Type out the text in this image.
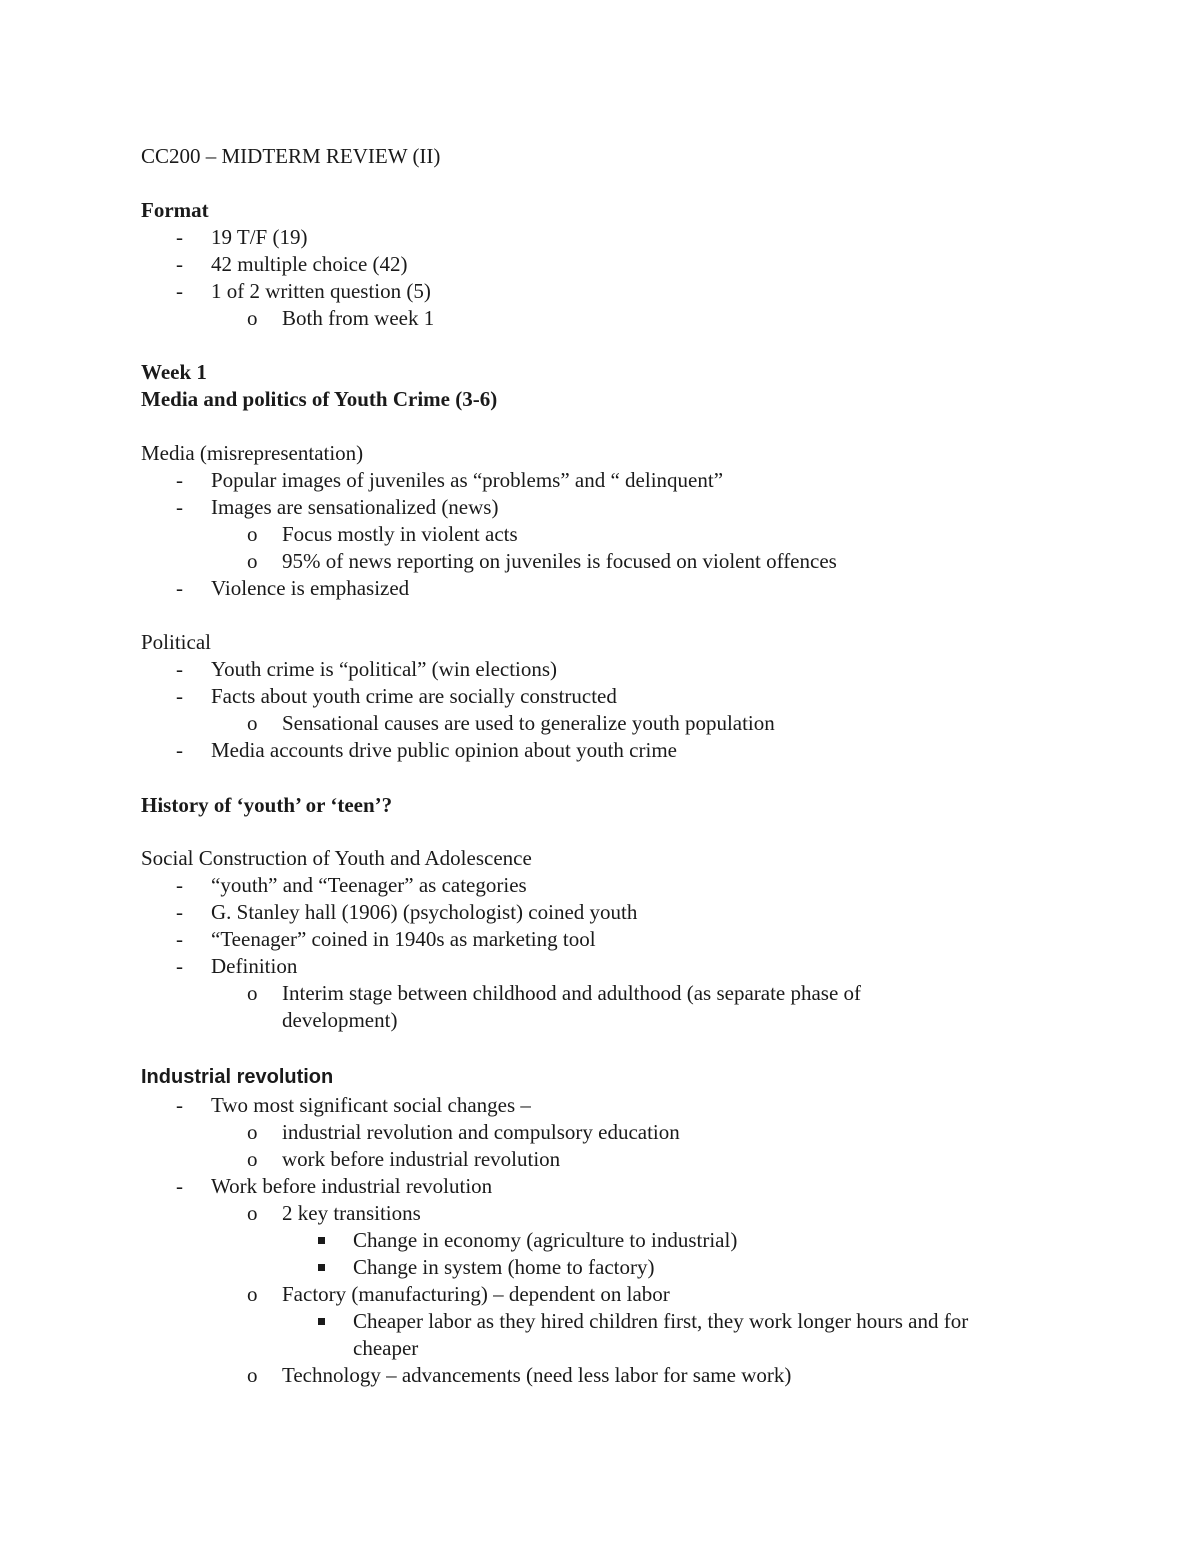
CC200 – MIDTERM REVIEW (II)
Format
- 19 T/F (19)
- 42 multiple choice (42)
- 1 of 2 written question (5)
o Both from week 1
Week 1
Media and politics of Youth Crime (3-6)
Media (misrepresentation)
- Popular images of juveniles as “problems” and “ delinquent”
- Images are sensationalized (news)
o Focus mostly in violent acts
o 95% of news reporting on juveniles is focused on violent offences
- Violence is emphasized
Political
- Youth crime is “political” (win elections)
- Facts about youth crime are socially constructed
o Sensational causes are used to generalize youth population
- Media accounts drive public opinion about youth crime
History of ‘youth’ or ‘teen’?
Social Construction of Youth and Adolescence
- “youth” and “Teenager” as categories
- G. Stanley hall (1906) (psychologist) coined youth
- “Teenager” coined in 1940s as marketing tool
- Definition
o Interim stage between childhood and adulthood (as separate phase of
development)
Industrial revolution
- Two most significant social changes –
o industrial revolution and compulsory education
o work before industrial revolution
- Work before industrial revolution
o 2 key transitions
Change in economy (agriculture to industrial)
Change in system (home to factory)
o Factory (manufacturing) – dependent on labor
Cheaper labor as they hired children first, they work longer hours and for
cheaper
o Technology – advancements (need less labor for same work)
